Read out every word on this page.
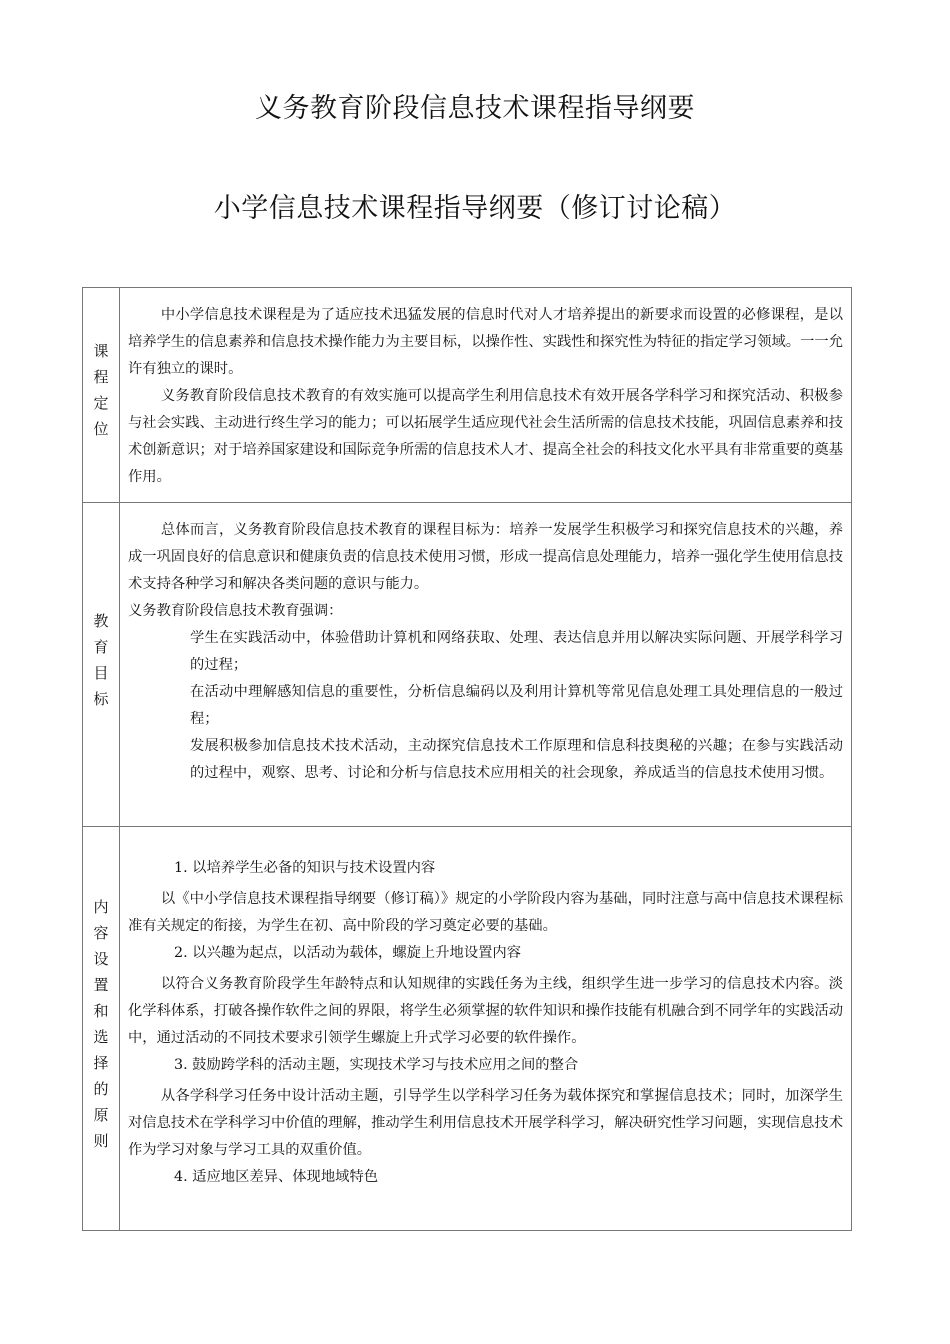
义务教育阶段信息技术课程指导纲要
小学信息技术课程指导纲要（修订讨论稿）
课程定位

中小学信息技术课程是为了适应技术迅猛发展的信息时代对人才培养提出的新要求而设置的必修课程，是以培养学生的信息素养和信息技术操作能力为主要目标，以操作性、实践性和探究性为特征的指定学习领域。一一允许有独立的课时。

义务教育阶段信息技术教育的有效实施可以提高学生利用信息技术有效开展各学科学习和探究活动、积极参与社会实践、主动进行终生学习的能力；可以拓展学生适应现代社会生活所需的信息技术技能，巩固信息素养和技术创新意识；对于培养国家建设和国际竞争所需的信息技术人才、提高全社会的科技文化水平具有非常重要的奠基作用。

教育目标

总体而言，义务教育阶段信息技术教育的课程目标为：培养一发展学生积极学习和探究信息技术的兴趣，养成一巩固良好的信息意识和健康负责的信息技术使用习惯，形成一提高信息处理能力，培养一强化学生使用信息技术支持各种学习和解决各类问题的意识与能力。

义务教育阶段信息技术教育强调：

学生在实践活动中，体验借助计算机和网络获取、处理、表达信息并用以解决实际问题、开展学科学习的过程；

在活动中理解感知信息的重要性，分析信息编码以及利用计算机等常见信息处理工具处理信息的一般过程；

发展积极参加信息技术技术活动，主动探究信息技术工作原理和信息科技奥秘的兴趣；在参与实践活动的过程中，观察、思考、讨论和分析与信息技术应用相关的社会现象，养成适当的信息技术使用习惯。

内容设置和选择的原则

1. 以培养学生必备的知识与技术设置内容

以《中小学信息技术课程指导纲要（修订稿）》规定的小学阶段内容为基础，同时注意与高中信息技术课程标准有关规定的衔接，为学生在初、高中阶段的学习奠定必要的基础。

2. 以兴趣为起点，以活动为载体，螺旋上升地设置内容

以符合义务教育阶段学生年龄特点和认知规律的实践任务为主线，组织学生进一步学习的信息技术内容。淡化学科体系，打破各操作软件之间的界限，将学生必须掌握的软件知识和操作技能有机融合到不同学年的实践活动中，通过活动的不同技术要求引领学生螺旋上升式学习必要的软件操作。

3. 鼓励跨学科的活动主题，实现技术学习与技术应用之间的整合

从各学科学习任务中设计活动主题，引导学生以学科学习任务为载体探究和掌握信息技术；同时，加深学生对信息技术在学科学习中价值的理解，推动学生利用信息技术开展学科学习，解决研究性学习问题，实现信息技术作为学习对象与学习工具的双重价值。

4. 适应地区差异、体现地域特色
